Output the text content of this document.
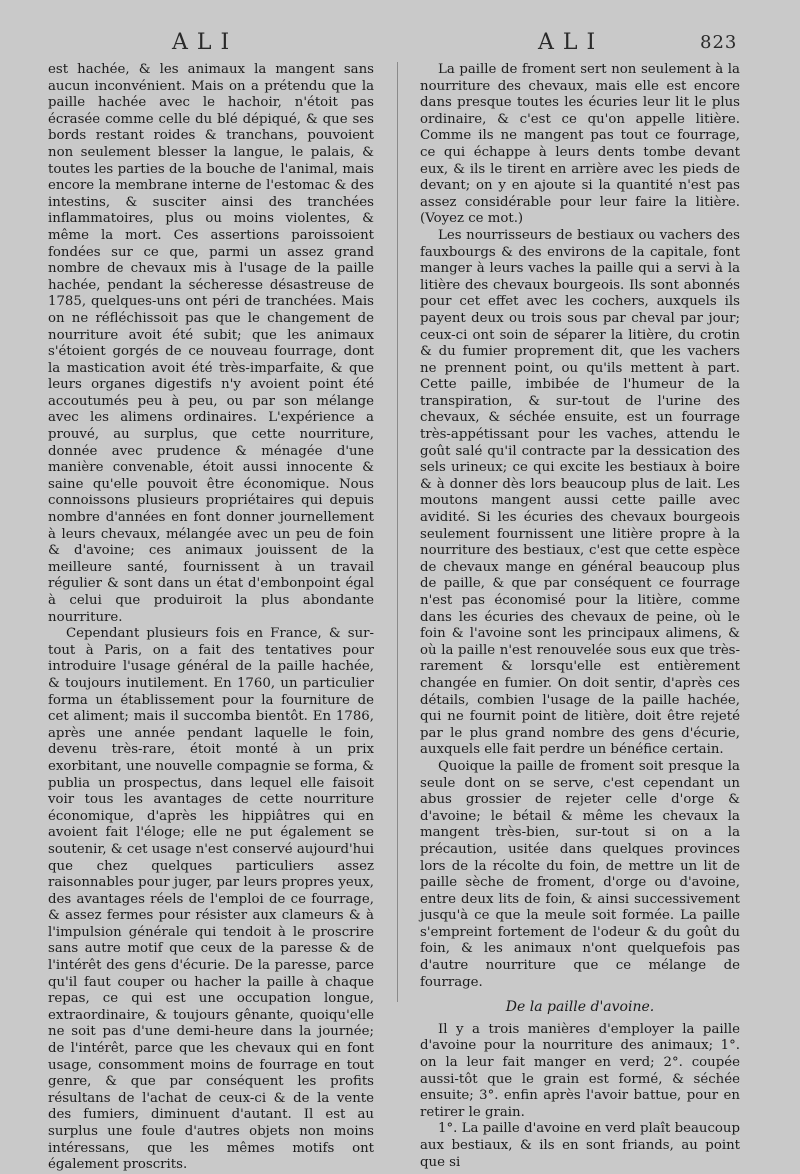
ALI	ALI	823

est hachée, & les animaux la mangent sans aucun inconvénient. Mais on a prétendu que la paille hachée avec le hachoir, n'étoit pas écrasée comme celle du blé dépiqué, & que ses bords restant roides & tranchans, pouvoient non seulement blesser la langue, le palais, & toutes les parties de la bouche de l'animal, mais encore la membrane interne de l'estomac & des intestins, & susciter ainsi des tranchées inflammatoires, plus ou moins violentes, & même la mort. Ces assertions paroissoient fondées sur ce que, parmi un assez grand nombre de chevaux mis à l'usage de la paille hachée, pendant la sécheresse désastreuse de 1785, quelques-uns ont péri de tranchées. Mais on ne réfléchissoit pas que le changement de nourriture avoit été subit; que les animaux s'étoient gorgés de ce nouveau fourrage, dont la mastication avoit été très-imparfaite, & que leurs organes digestifs n'y avoient point été accoutumés peu à peu, ou par son mélange avec les alimens ordinaires. L'expérience a prouvé, au surplus, que cette nourriture, donnée avec prudence & ménagée d'une manière convenable, étoit aussi innocente & saine qu'elle pouvoit être économique. Nous connoissons plusieurs propriétaires qui depuis nombre d'années en font donner journellement à leurs chevaux, mélangée avec un peu de foin & d'avoine; ces animaux jouissent de la meilleure santé, fournissent à un travail régulier & sont dans un état d'embonpoint égal à celui que produiroit la plus abondante nourriture.

Cependant plusieurs fois en France, & sur-tout à Paris, on a fait des tentatives pour introduire l'usage général de la paille hachée, & toujours inutilement. En 1760, un particulier forma un établissement pour la fourniture de cet aliment; mais il succomba bientôt. En 1786, après une année pendant laquelle le foin, devenu très-rare, étoit monté à un prix exorbitant, une nouvelle compagnie se forma, & publia un prospectus, dans lequel elle faisoit voir tous les avantages de cette nourriture économique, d'après les hippiâtres qui en avoient fait l'éloge; elle ne put également se soutenir, & cet usage n'est conservé aujourd'hui que chez quelques particuliers assez raisonnables pour juger, par leurs propres yeux, des avantages réels de l'emploi de ce fourrage, & assez fermes pour résister aux clameurs & à l'impulsion générale qui tendoit à le proscrire sans autre motif que ceux de la paresse & de l'intérêt des gens d'écurie. De la paresse, parce qu'il faut couper ou hacher la paille à chaque repas, ce qui est une occupation longue, extraordinaire, & toujours gênante, quoiqu'elle ne soit pas d'une demi-heure dans la journée; de l'intérêt, parce que les chevaux qui en font usage, consomment moins de fourrage en tout genre, & que par conséquent les profits résultans de l'achat de ceux-ci & de la vente des fumiers, diminuent d'autant. Il est au surplus une foule d'autres objets non moins intéressans, que les mêmes motifs ont également proscrits.

La paille de froment sert non seulement à la nourriture des chevaux, mais elle est encore dans presque toutes les écuries leur lit le plus ordinaire, & c'est ce qu'on appelle litière. Comme ils ne mangent pas tout ce fourrage, ce qui échappe à leurs dents tombe devant eux, & ils le tirent en arrière avec les pieds de devant; on y en ajoute si la quantité n'est pas assez considérable pour leur faire la litière. (Voyez ce mot.)

Les nourrisseurs de bestiaux ou vachers des fauxbourgs & des environs de la capitale, font manger à leurs vaches la paille qui a servi à la litière des chevaux bourgeois. Ils sont abonnés pour cet effet avec les cochers, auxquels ils payent deux ou trois sous par cheval par jour; ceux-ci ont soin de séparer la litière, du crotin & du fumier proprement dit, que les vachers ne prennent point, ou qu'ils mettent à part. Cette paille, imbibée de l'humeur de la transpiration, & sur-tout de l'urine des chevaux, & séchée ensuite, est un fourrage très-appétissant pour les vaches, attendu le goût salé qu'il contracte par la dessication des sels urineux; ce qui excite les bestiaux à boire & à donner dès lors beaucoup plus de lait. Les moutons mangent aussi cette paille avec avidité. Si les écuries des chevaux bourgeois seulement fournissent une litière propre à la nourriture des bestiaux, c'est que cette espèce de chevaux mange en général beaucoup plus de paille, & que par conséquent ce fourrage n'est pas économisé pour la litière, comme dans les écuries des chevaux de peine, où le foin & l'avoine sont les principaux alimens, & où la paille n'est renouvelée sous eux que très-rarement & lorsqu'elle est entièrement changée en fumier. On doit sentir, d'après ces détails, combien l'usage de la paille hachée, qui ne fournit point de litière, doit être rejeté par le plus grand nombre des gens d'écurie, auxquels elle fait perdre un bénéfice certain.

Quoique la paille de froment soit presque la seule dont on se serve, c'est cependant un abus grossier de rejeter celle d'orge & d'avoine; le bétail & même les chevaux la mangent très-bien, sur-tout si on a la précaution, usitée dans quelques provinces lors de la récolte du foin, de mettre un lit de paille sèche de froment, d'orge ou d'avoine, entre deux lits de foin, & ainsi successivement jusqu'à ce que la meule soit formée. La paille s'empreint fortement de l'odeur & du goût du foin, & les animaux n'ont quelquefois pas d'autre nourriture que ce mélange de fourrage.

De la paille d'avoine.

Il y a trois manières d'employer la paille d'avoine pour la nourriture des animaux; 1°. on la leur fait manger en verd; 2°. coupée aussi-tôt que le grain est formé, & séchée ensuite; 3°. enfin après l'avoir battue, pour en retirer le grain.

1°. La paille d'avoine en verd plaît beaucoup aux bestiaux, & ils en sont friands, au point que si
